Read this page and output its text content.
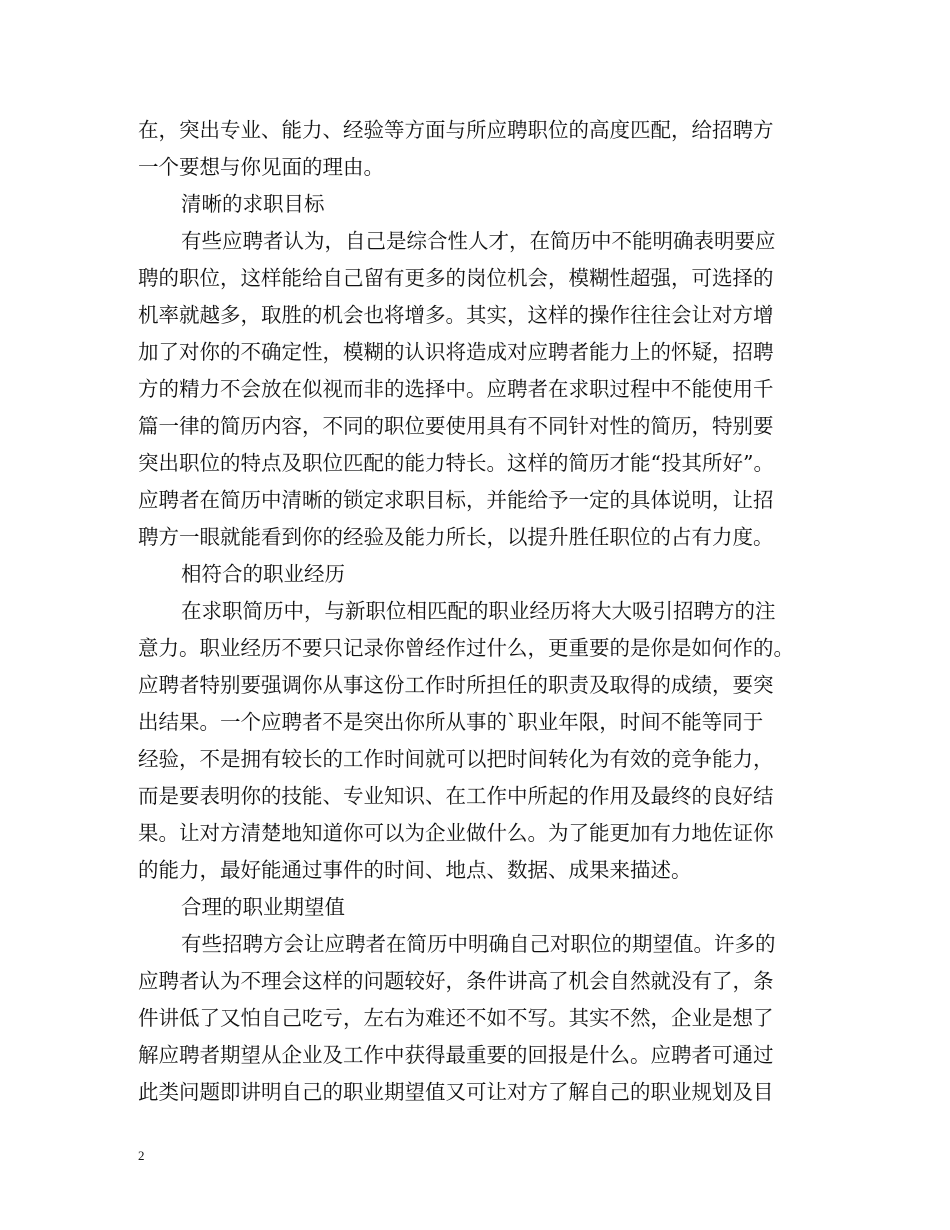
在，突出专业、能力、经验等方面与所应聘职位的高度匹配，给招聘方
一个要想与你见面的理由。
清晰的求职目标
有些应聘者认为，自己是综合性人才，在简历中不能明确表明要应
聘的职位，这样能给自己留有更多的岗位机会，模糊性超强，可选择的
机率就越多，取胜的机会也将增多。其实，这样的操作往往会让对方增
加了对你的不确定性，模糊的认识将造成对应聘者能力上的怀疑，招聘
方的精力不会放在似视而非的选择中。应聘者在求职过程中不能使用千
篇一律的简历内容，不同的职位要使用具有不同针对性的简历，特别要
突出职位的特点及职位匹配的能力特长。这样的简历才能“投其所好”。
应聘者在简历中清晰的锁定求职目标，并能给予一定的具体说明，让招
聘方一眼就能看到你的经验及能力所长，以提升胜任职位的占有力度。
相符合的职业经历
在求职简历中，与新职位相匹配的职业经历将大大吸引招聘方的注
意力。职业经历不要只记录你曾经作过什么，更重要的是你是如何作的。
应聘者特别要强调你从事这份工作时所担任的职责及取得的成绩，要突
出结果。一个应聘者不是突出你所从事的`职业年限，时间不能等同于
经验，不是拥有较长的工作时间就可以把时间转化为有效的竞争能力，
而是要表明你的技能、专业知识、在工作中所起的作用及最终的良好结
果。让对方清楚地知道你可以为企业做什么。为了能更加有力地佐证你
的能力，最好能通过事件的时间、地点、数据、成果来描述。
合理的职业期望值
有些招聘方会让应聘者在简历中明确自己对职位的期望值。许多的
应聘者认为不理会这样的问题较好，条件讲高了机会自然就没有了，条
件讲低了又怕自己吃亏，左右为难还不如不写。其实不然，企业是想了
解应聘者期望从企业及工作中获得最重要的回报是什么。应聘者可通过
此类问题即讲明自己的职业期望值又可让对方了解自己的职业规划及目
2
